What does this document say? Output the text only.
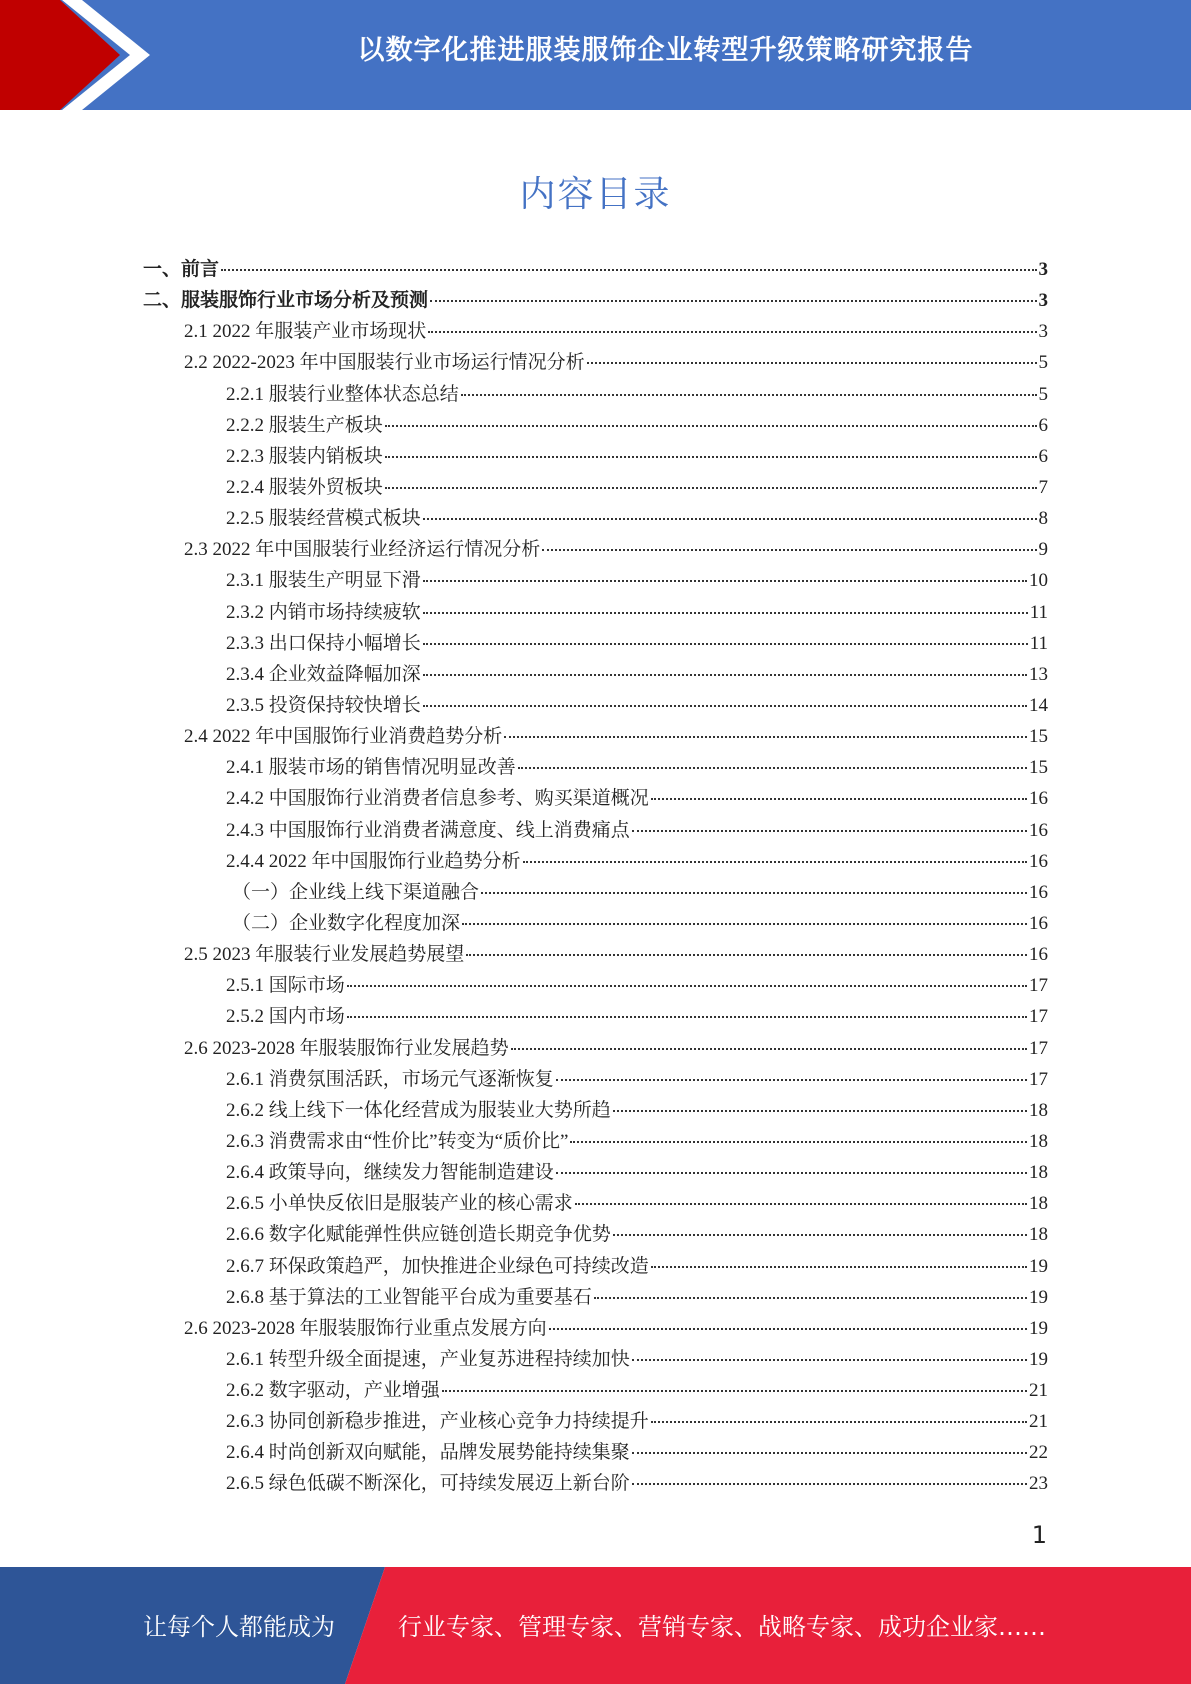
以数字化推进服装服饰企业转型升级策略研究报告
内容目录
一、前言	3
二、服装服饰行业市场分析及预测	3
2.1 2022 年服装产业市场现状	3
2.2 2022-2023 年中国服装行业市场运行情况分析	5
2.2.1 服装行业整体状态总结	5
2.2.2 服装生产板块	6
2.2.3 服装内销板块	6
2.2.4 服装外贸板块	7
2.2.5 服装经营模式板块	8
2.3 2022 年中国服装行业经济运行情况分析	9
2.3.1 服装生产明显下滑	10
2.3.2 内销市场持续疲软	11
2.3.3 出口保持小幅增长	11
2.3.4 企业效益降幅加深	13
2.3.5 投资保持较快增长	14
2.4 2022 年中国服饰行业消费趋势分析	15
2.4.1 服装市场的销售情况明显改善	15
2.4.2 中国服饰行业消费者信息参考、购买渠道概况	16
2.4.3 中国服饰行业消费者满意度、线上消费痛点	16
2.4.4 2022 年中国服饰行业趋势分析	16
（一）企业线上线下渠道融合	16
（二）企业数字化程度加深	16
2.5 2023 年服装行业发展趋势展望	16
2.5.1 国际市场	17
2.5.2 国内市场	17
2.6 2023-2028 年服装服饰行业发展趋势	17
2.6.1 消费氛围活跃，市场元气逐渐恢复	17
2.6.2 线上线下一体化经营成为服装业大势所趋	18
2.6.3 消费需求由“性价比”转变为“质价比”	18
2.6.4 政策导向，继续发力智能制造建设	18
2.6.5 小单快反依旧是服装产业的核心需求	18
2.6.6 数字化赋能弹性供应链创造长期竞争优势	18
2.6.7 环保政策趋严，加快推进企业绿色可持续改造	19
2.6.8 基于算法的工业智能平台成为重要基石	19
2.6 2023-2028 年服装服饰行业重点发展方向	19
2.6.1 转型升级全面提速，产业复苏进程持续加快	19
2.6.2 数字驱动，产业增强	21
2.6.3 协同创新稳步推进，产业核心竞争力持续提升	21
2.6.4 时尚创新双向赋能，品牌发展势能持续集聚	22
2.6.5 绿色低碳不断深化，可持续发展迈上新台阶	23
1
让每个人都能成为	行业专家、管理专家、营销专家、战略专家、成功企业家……
